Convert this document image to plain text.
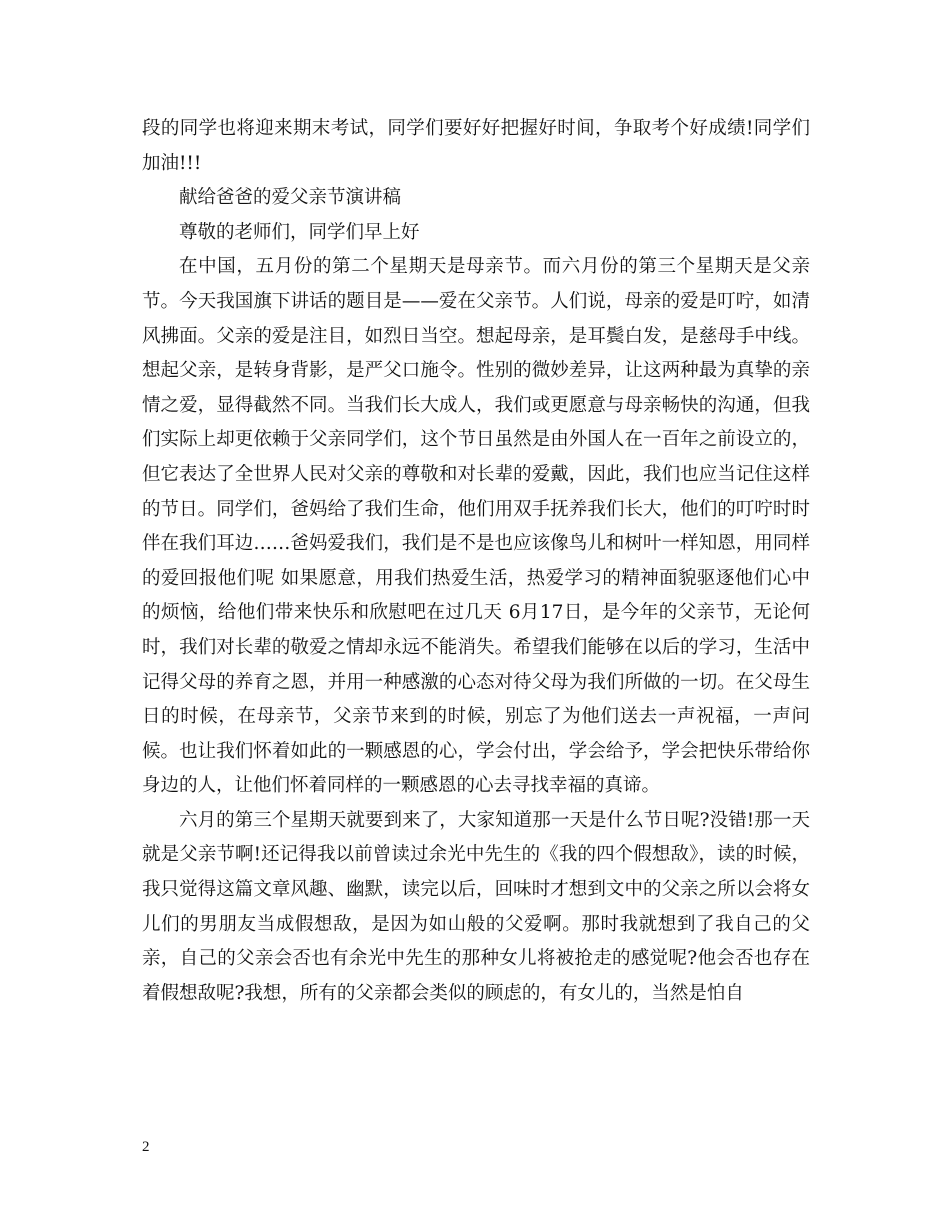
段的同学也将迎来期末考试，同学们要好好把握好时间，争取考个好成绩!同学们加油!!!

献给爸爸的爱父亲节演讲稿

尊敬的老师们，同学们早上好

在中国，五月份的第二个星期天是母亲节。而六月份的第三个星期天是父亲节。今天我国旗下讲话的题目是——爱在父亲节。人们说，母亲的爱是叮咛，如清风拂面。父亲的爱是注目，如烈日当空。想起母亲，是耳鬓白发，是慈母手中线。想起父亲，是转身背影，是严父口施令。性别的微妙差异，让这两种最为真挚的亲情之爱，显得截然不同。当我们长大成人，我们或更愿意与母亲畅快的沟通，但我们实际上却更依赖于父亲同学们，这个节日虽然是由外国人在一百年之前设立的，但它表达了全世界人民对父亲的尊敬和对长辈的爱戴，因此，我们也应当记住这样的节日。同学们，爸妈给了我们生命，他们用双手抚养我们长大，他们的叮咛时时伴在我们耳边……爸妈爱我们，我们是不是也应该像鸟儿和树叶一样知恩，用同样的爱回报他们呢 如果愿意，用我们热爱生活，热爱学习的精神面貌驱逐他们心中的烦恼，给他们带来快乐和欣慰吧在过几天 6月17日，是今年的父亲节，无论何时，我们对长辈的敬爱之情却永远不能消失。希望我们能够在以后的学习，生活中记得父母的养育之恩，并用一种感激的心态对待父母为我们所做的一切。在父母生日的时候，在母亲节，父亲节来到的时候，别忘了为他们送去一声祝福，一声问候。也让我们怀着如此的一颗感恩的心，学会付出，学会给予，学会把快乐带给你身边的人，让他们怀着同样的一颗感恩的心去寻找幸福的真谛。

六月的第三个星期天就要到来了，大家知道那一天是什么节日呢?没错!那一天就是父亲节啊!还记得我以前曾读过余光中先生的《我的四个假想敌》，读的时候，我只觉得这篇文章风趣、幽默，读完以后，回味时才想到文中的父亲之所以会将女儿们的男朋友当成假想敌，是因为如山般的父爱啊。那时我就想到了我自己的父亲，自己的父亲会否也有余光中先生的那种女儿将被抢走的感觉呢?他会否也存在着假想敌呢?我想，所有的父亲都会类似的顾虑的，有女儿的，当然是怕自

2
